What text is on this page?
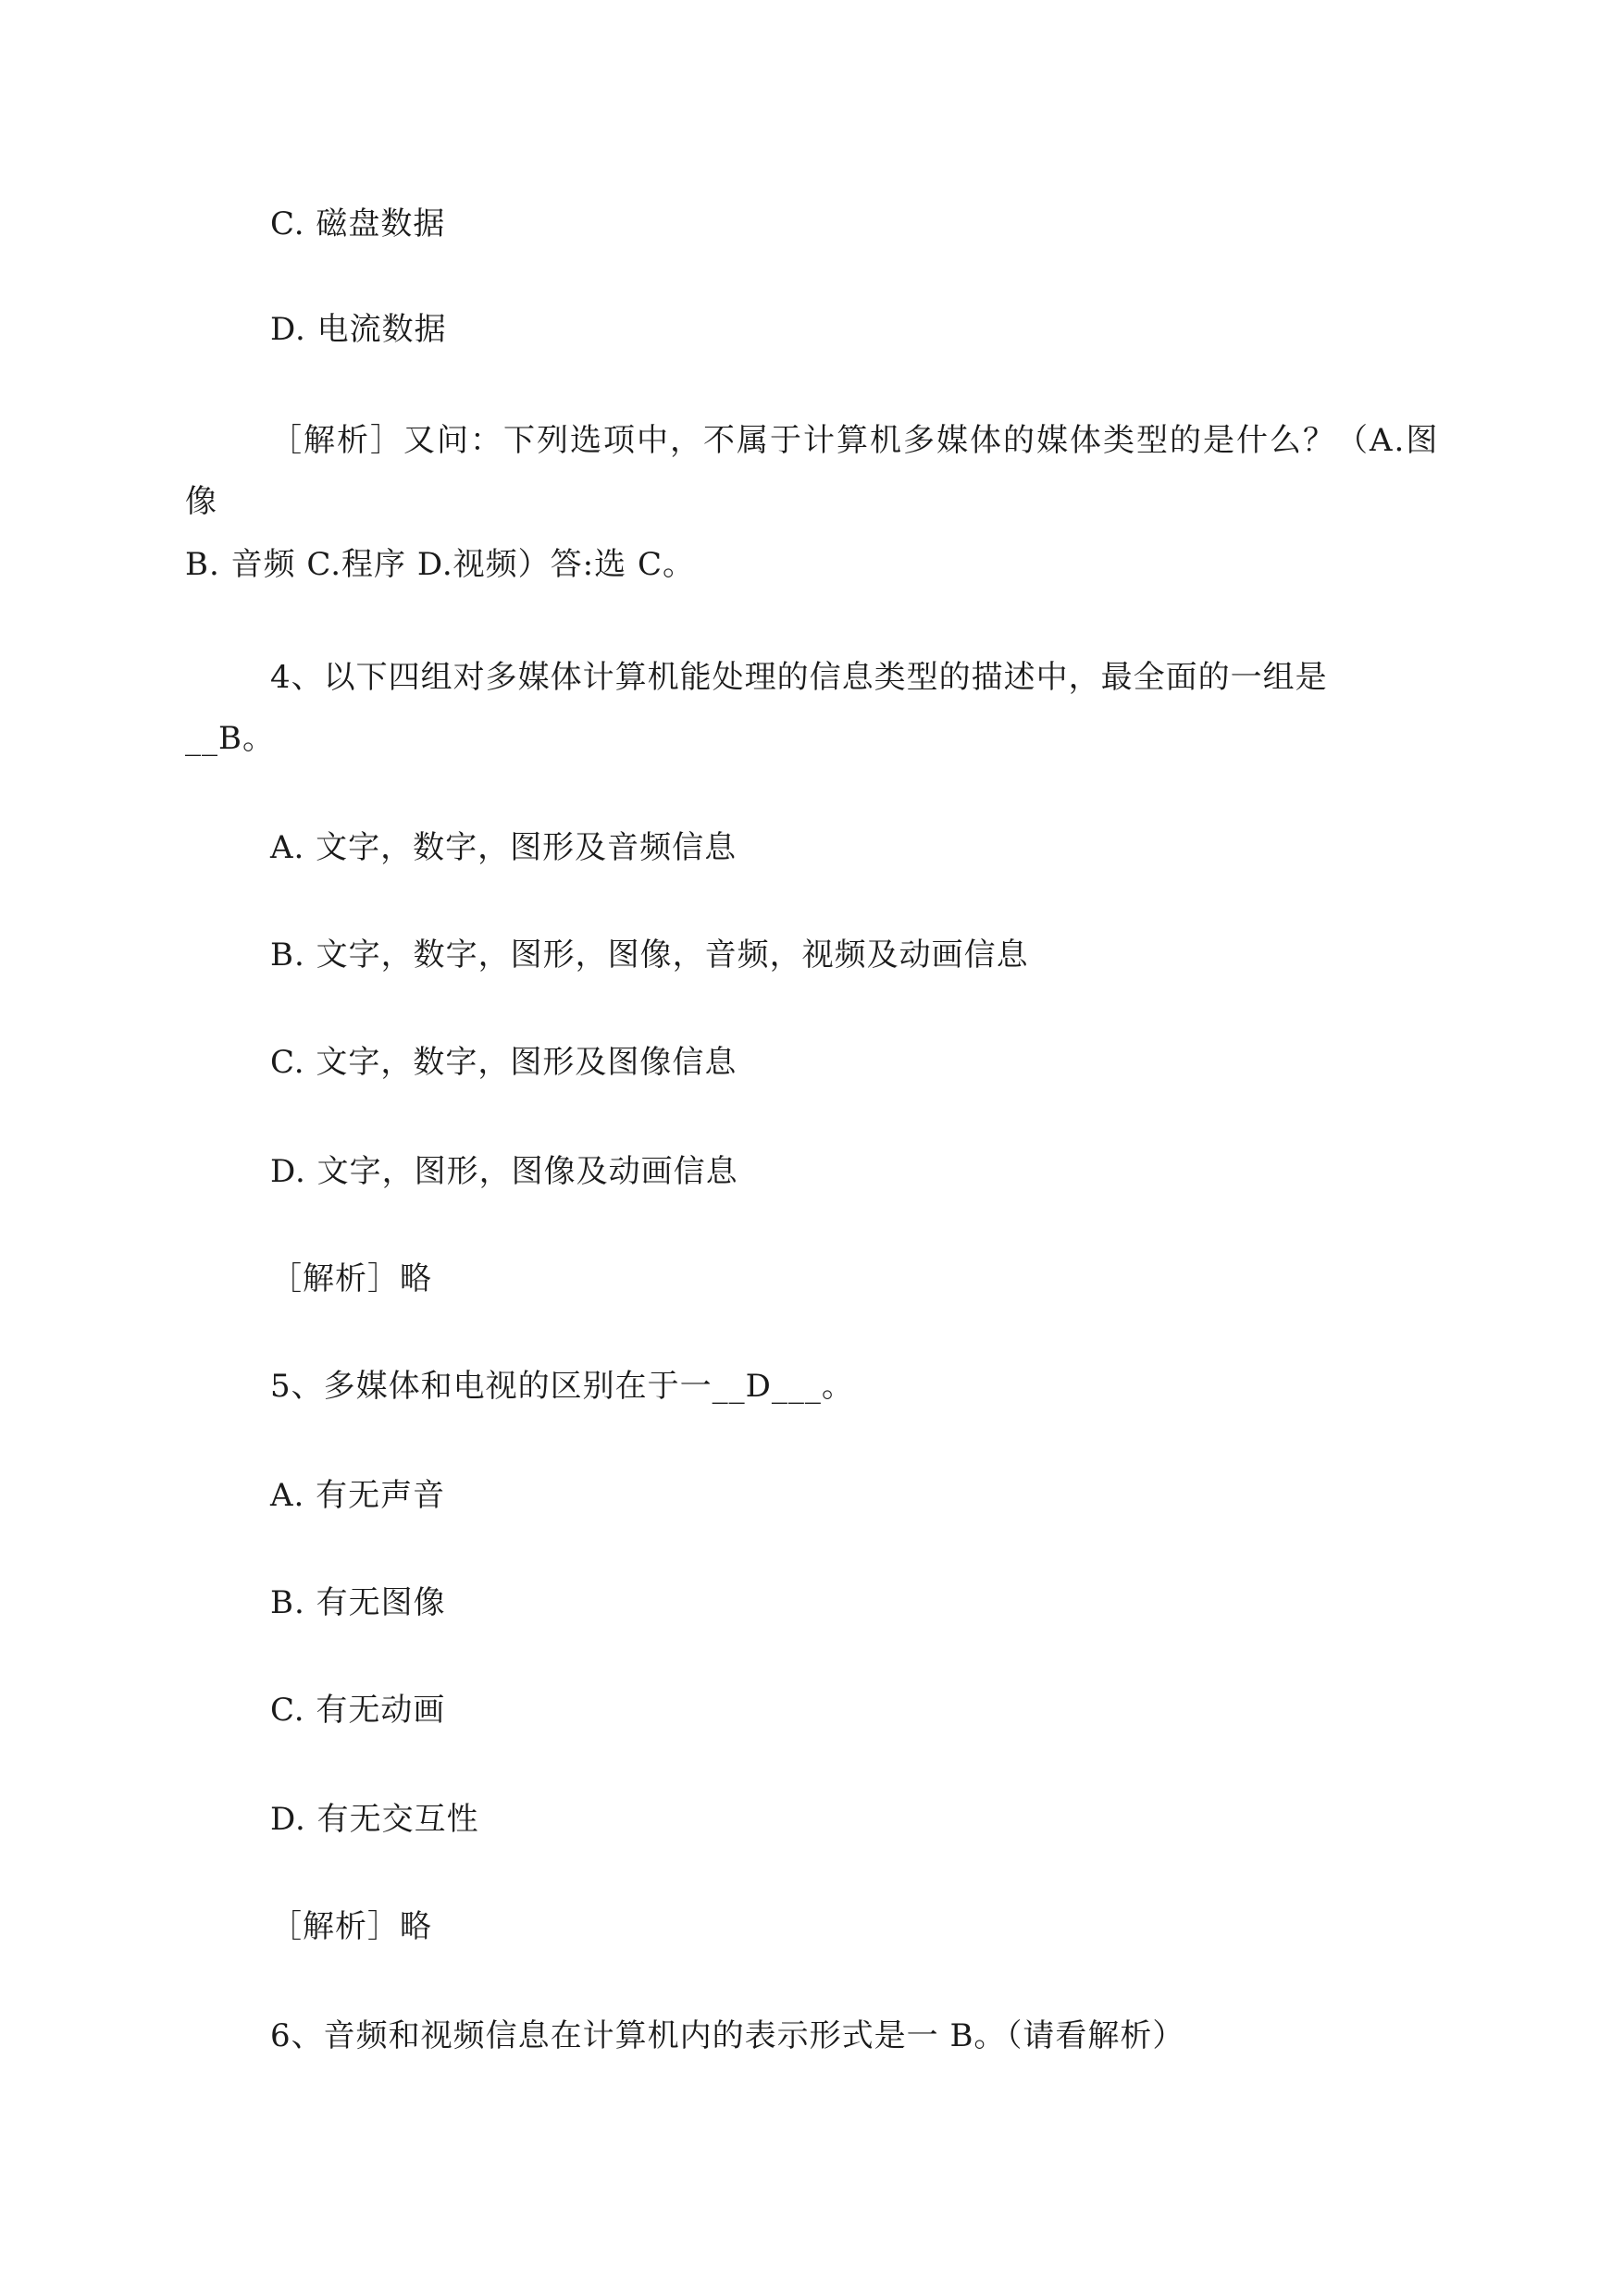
C. 磁盘数据
D. 电流数据
［解析］又问：下列选项中，不属于计算机多媒体的媒体类型的是什么？（A.图
像
B. 音频 C.程序 D.视频）答:选 C。
4、以下四组对多媒体计算机能处理的信息类型的描述中，最全面的一组是
__B。
A. 文字，数字，图形及音频信息
B. 文字，数字，图形，图像，音频，视频及动画信息
C. 文字，数字，图形及图像信息
D. 文字，图形，图像及动画信息
［解析］略
5、多媒体和电视的区别在于一__D___。
A. 有无声音
B. 有无图像
C. 有无动画
D. 有无交互性
［解析］略
6、音频和视频信息在计算机内的表示形式是一 B。（请看解析）
